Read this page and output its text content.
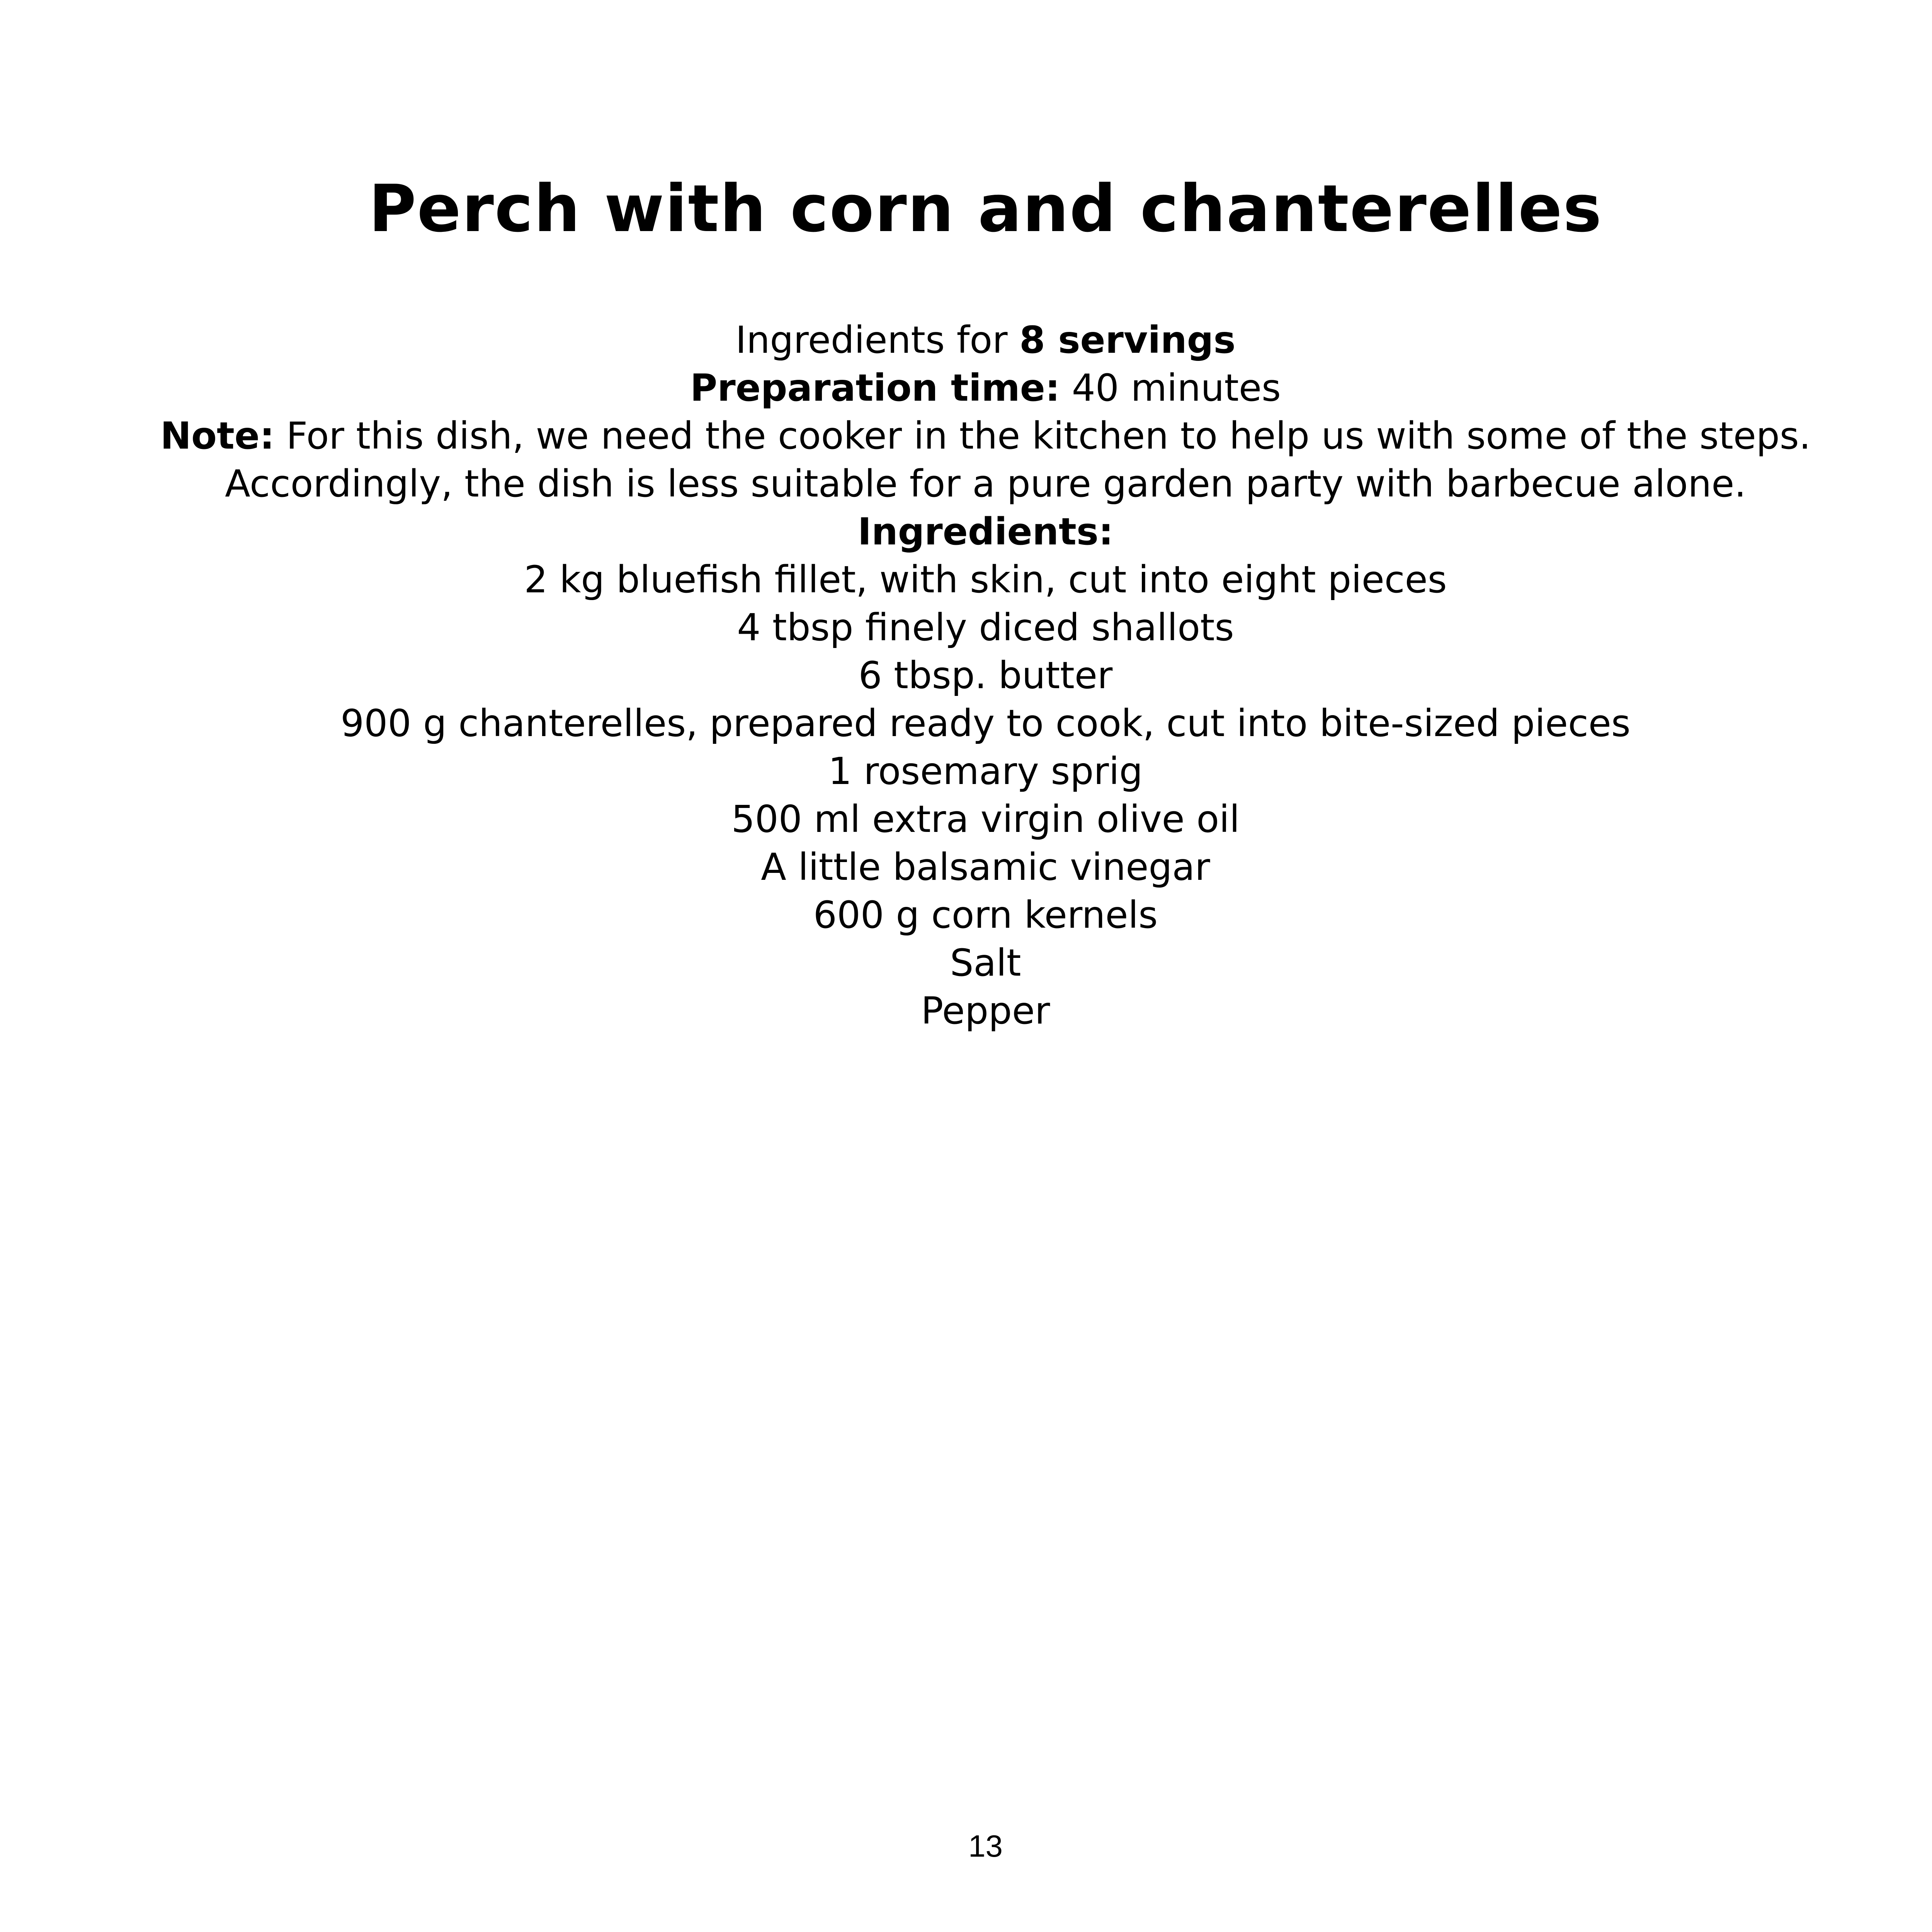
Perch with corn and chanterelles
Ingredients for 8 servings
Preparation time: 40 minutes
Note: For this dish, we need the cooker in the kitchen to help us with some of the steps.
Accordingly, the dish is less suitable for a pure garden party with barbecue alone.
Ingredients:
2 kg bluefish fillet, with skin, cut into eight pieces
4 tbsp finely diced shallots
6 tbsp. butter
900 g chanterelles, prepared ready to cook, cut into bite-sized pieces
1 rosemary sprig
500 ml extra virgin olive oil
A little balsamic vinegar
600 g corn kernels
Salt
Pepper
13
